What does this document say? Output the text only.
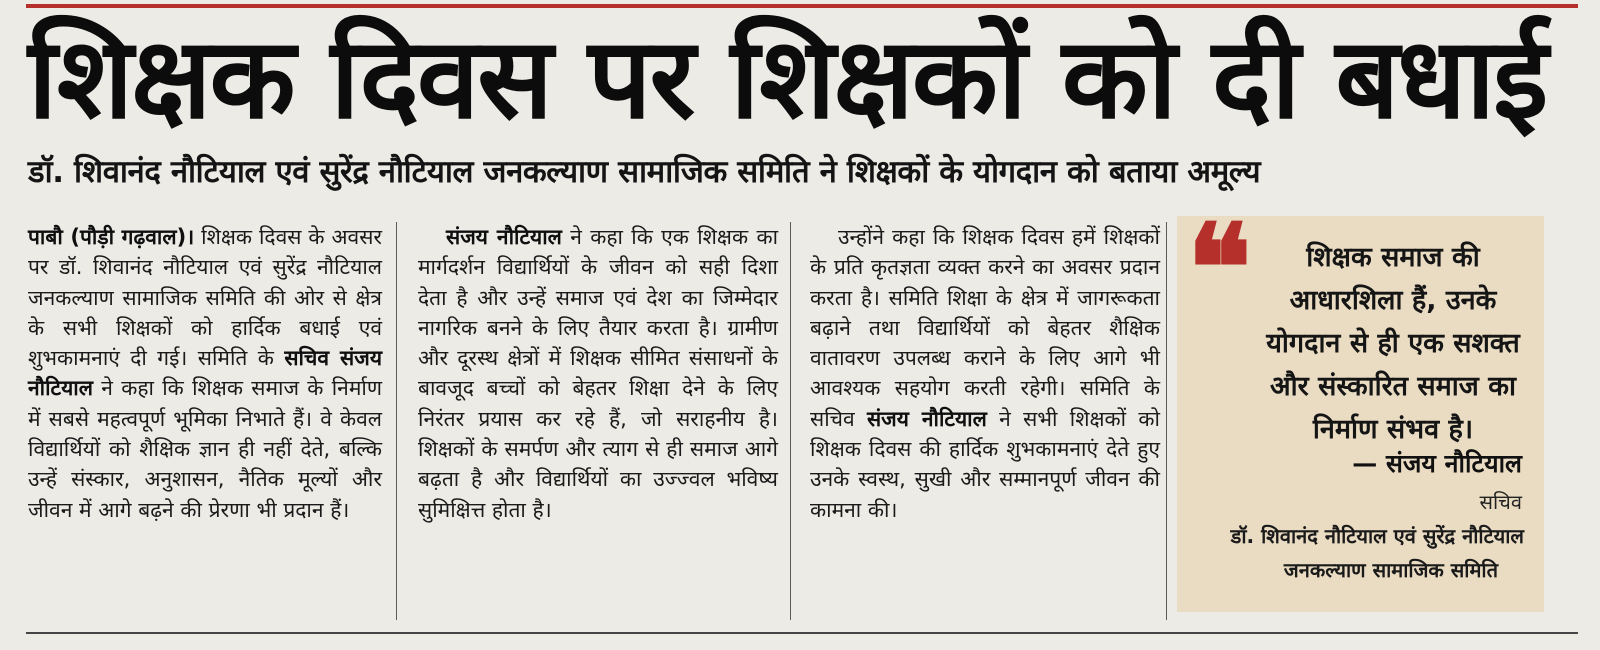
शिक्षक दिवस पर शिक्षकों को दी बधाई
डॉ. शिवानंद नौटियाल एवं सुरेंद्र नौटियाल जनकल्याण सामाजिक समिति ने शिक्षकों के योगदान को बताया अमूल्य

पाबौ (पौड़ी गढ़वाल)। शिक्षक दिवस के अवसर पर डॉ. शिवानंद नौटियाल एवं सुरेंद्र नौटियाल जनकल्याण सामाजिक समिति की ओर से क्षेत्र के सभी शिक्षकों को हार्दिक बधाई एवं शुभकामनाएं दी गई। समिति के सचिव संजय नौटियाल ने कहा कि शिक्षक समाज के निर्माण में सबसे महत्वपूर्ण भूमिका निभाते हैं। वे केवल विद्यार्थियों को शैक्षिक ज्ञान ही नहीं देते, बल्कि उन्हें संस्कार, अनुशासन, नैतिक मूल्यों और जीवन में आगे बढ़ने की प्रेरणा भी प्रदान हैं।

संजय नौटियाल ने कहा कि एक शिक्षक का मार्गदर्शन विद्यार्थियों के जीवन को सही दिशा देता है और उन्हें समाज एवं देश का जिम्मेदार नागरिक बनने के लिए तैयार करता है। ग्रामीण और दूरस्थ क्षेत्रों में शिक्षक सीमित संसाधनों के बावजूद बच्चों को बेहतर शिक्षा देने के लिए निरंतर प्रयास कर रहे हैं, जो सराहनीय है। शिक्षकों के समर्पण और त्याग से ही समाज आगे बढ़ता है और विद्यार्थियों का उज्ज्वल भविष्य सुमिक्षित्त होता है।

उन्होंने कहा कि शिक्षक दिवस हमें शिक्षकों के प्रति कृतज्ञता व्यक्त करने का अवसर प्रदान करता है। समिति शिक्षा के क्षेत्र में जागरूकता बढ़ाने तथा विद्यार्थियों को बेहतर शैक्षिक वातावरण उपलब्ध कराने के लिए आगे भी आवश्यक सहयोग करती रहेगी। समिति के सचिव संजय नौटियाल ने सभी शिक्षकों को शिक्षक दिवस की हार्दिक शुभकामनाएं देते हुए उनके स्वस्थ, सुखी और सम्मानपूर्ण जीवन की कामना की।

❝	शिक्षक समाज की आधारशिला हैं, उनके योगदान से ही एक सशक्त और संस्कारित समाज का निर्माण संभव है।
— संजय नौटियाल
सचिव
डॉ. शिवानंद नौटियाल एवं सुरेंद्र नौटियाल
जनकल्याण सामाजिक समिति
